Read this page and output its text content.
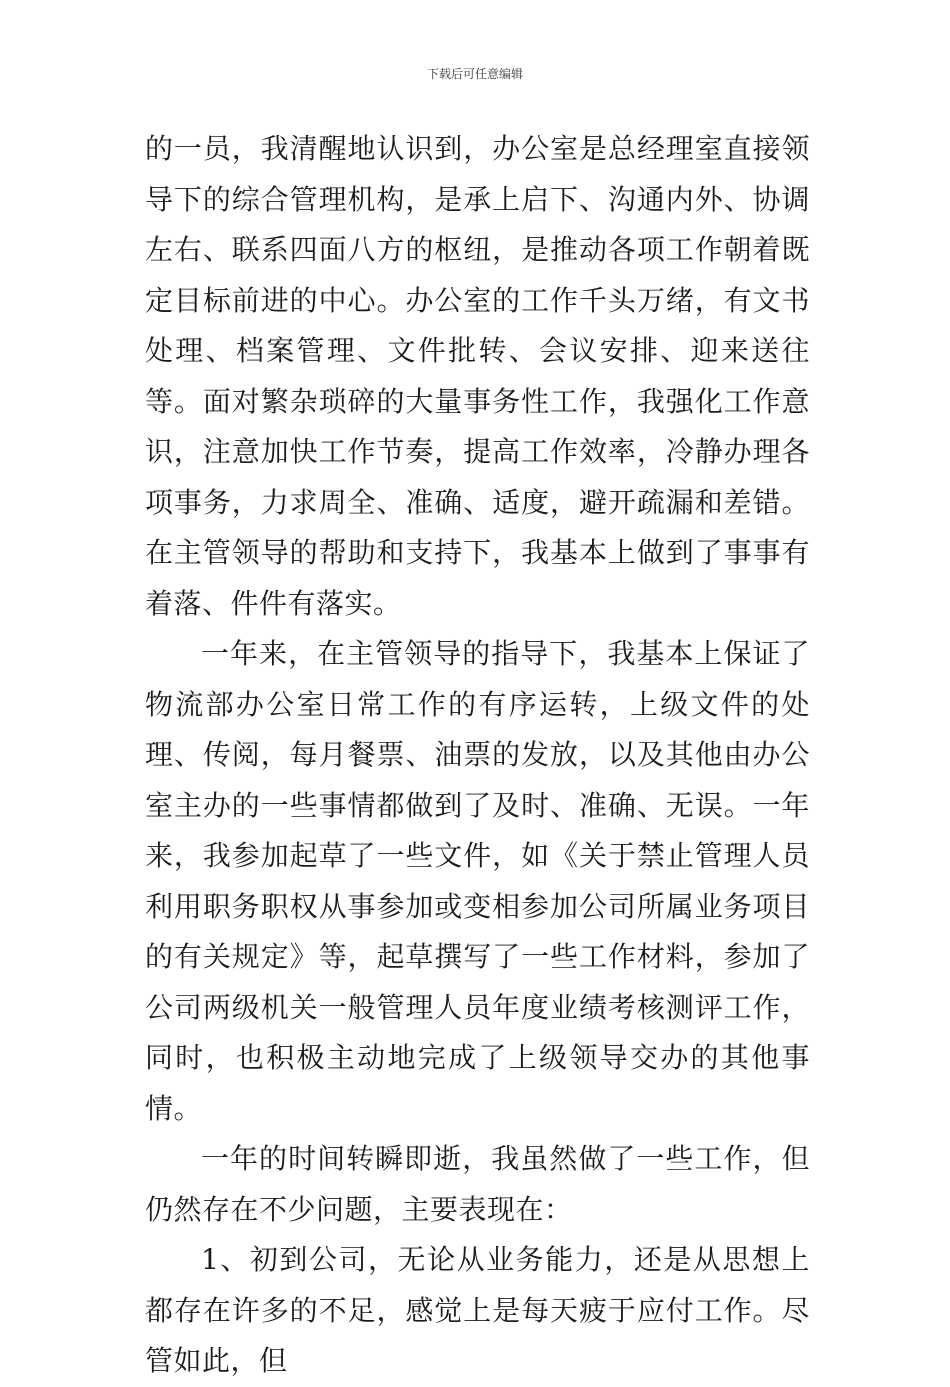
下载后可任意编辑

的一员，我清醒地认识到，办公室是总经理室直接领导下的综合管理机构，是承上启下、沟通内外、协调左右、联系四面八方的枢纽，是推动各项工作朝着既定目标前进的中心。办公室的工作千头万绪，有文书处理、档案管理、文件批转、会议安排、迎来送往等。面对繁杂琐碎的大量事务性工作，我强化工作意识，注意加快工作节奏，提高工作效率，冷静办理各项事务，力求周全、准确、适度，避开疏漏和差错。在主管领导的帮助和支持下，我基本上做到了事事有着落、件件有落实。

一年来，在主管领导的指导下，我基本上保证了物流部办公室日常工作的有序运转，上级文件的处理、传阅，每月餐票、油票的发放，以及其他由办公室主办的一些事情都做到了及时、准确、无误。一年来，我参加起草了一些文件，如《关于禁止管理人员利用职务职权从事参加或变相参加公司所属业务项目的有关规定》等，起草撰写了一些工作材料，参加了公司两级机关一般管理人员年度业绩考核测评工作，同时，也积极主动地完成了上级领导交办的其他事情。

一年的时间转瞬即逝，我虽然做了一些工作，但仍然存在不少问题，主要表现在：

1、初到公司，无论从业务能力，还是从思想上都存在许多的不足，感觉上是每天疲于应付工作。尽管如此，但
